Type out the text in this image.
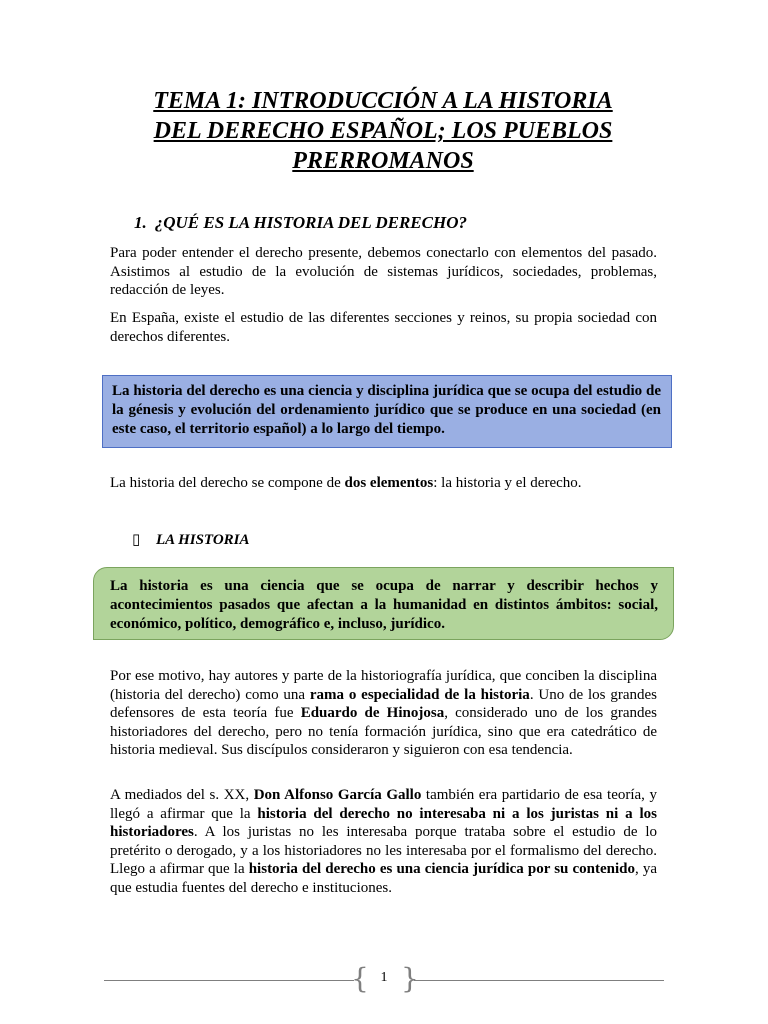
TEMA 1: INTRODUCCIÓN A LA HISTORIA
DEL DERECHO ESPAÑOL; LOS PUEBLOS
PRERROMANOS
1. ¿QUÉ ES LA HISTORIA DEL DERECHO?
Para poder entender el derecho presente, debemos conectarlo con elementos del pasado. Asistimos al estudio de la evolución de sistemas jurídicos, sociedades, problemas, redacción de leyes.
En España, existe el estudio de las diferentes secciones y reinos, su propia sociedad con derechos diferentes.
La historia del derecho es una ciencia y disciplina jurídica que se ocupa del estudio de la génesis y evolución del ordenamiento jurídico que se produce en una sociedad (en este caso, el territorio español) a lo largo del tiempo.
La historia del derecho se compone de dos elementos: la historia y el derecho.
▯ LA HISTORIA
La historia es una ciencia que se ocupa de narrar y describir hechos y acontecimientos pasados que afectan a la humanidad en distintos ámbitos: social, económico, político, demográfico e, incluso, jurídico.
Por ese motivo, hay autores y parte de la historiografía jurídica, que conciben la disciplina (historia del derecho) como una rama o especialidad de la historia. Uno de los grandes defensores de esta teoría fue Eduardo de Hinojosa, considerado uno de los grandes historiadores del derecho, pero no tenía formación jurídica, sino que era catedrático de historia medieval. Sus discípulos consideraron y siguieron con esa tendencia.
A mediados del s. XX, Don Alfonso García Gallo también era partidario de esa teoría, y llegó a afirmar que la historia del derecho no interesaba ni a los juristas ni a los historiadores. A los juristas no les interesaba porque trataba sobre el estudio de lo pretérito o derogado, y a los historiadores no les interesaba por el formalismo del derecho. Llego a afirmar que la historia del derecho es una ciencia jurídica por su contenido, ya que estudia fuentes del derecho e instituciones.
{ }
1
